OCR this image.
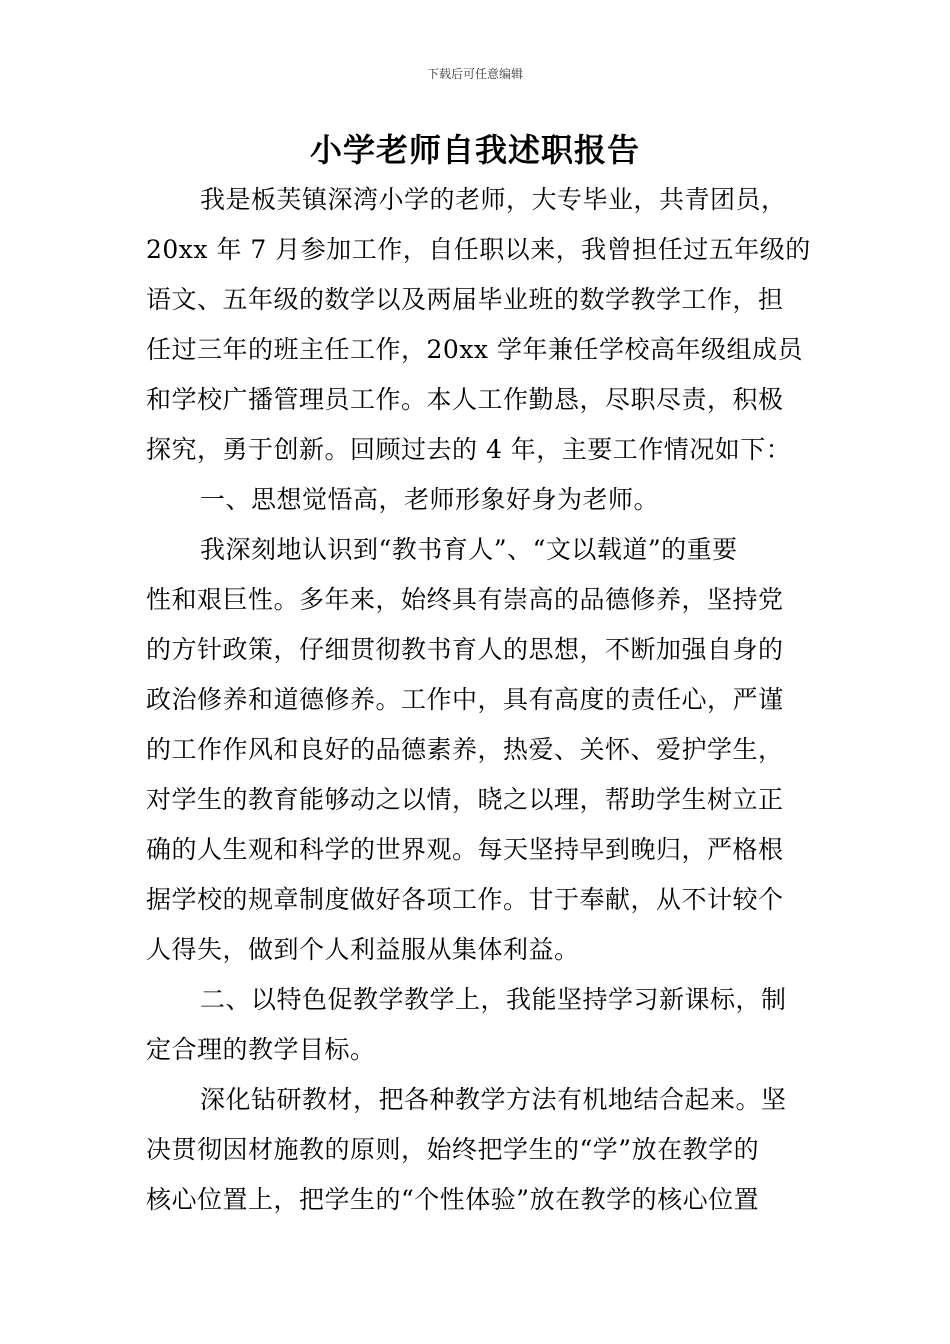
下载后可任意编辑
小学老师自我述职报告
我是板芙镇深湾小学的老师，大专毕业，共青团员，
20xx 年 7 月参加工作，自任职以来，我曾担任过五年级的
语文、五年级的数学以及两届毕业班的数学教学工作，担
任过三年的班主任工作，20xx 学年兼任学校高年级组成员
和学校广播管理员工作。本人工作勤恳，尽职尽责，积极
探究，勇于创新。回顾过去的 4 年，主要工作情况如下：
一、思想觉悟高，老师形象好身为老师。
我深刻地认识到“教书育人”、“文以载道”的重要
性和艰巨性。多年来，始终具有崇高的品德修养，坚持党
的方针政策，仔细贯彻教书育人的思想，不断加强自身的
政治修养和道德修养。工作中，具有高度的责任心，严谨
的工作作风和良好的品德素养，热爱、关怀、爱护学生，
对学生的教育能够动之以情，晓之以理，帮助学生树立正
确的人生观和科学的世界观。每天坚持早到晚归，严格根
据学校的规章制度做好各项工作。甘于奉献，从不计较个
人得失，做到个人利益服从集体利益。
二、以特色促教学教学上，我能坚持学习新课标，制
定合理的教学目标。
深化钻研教材，把各种教学方法有机地结合起来。坚
决贯彻因材施教的原则，始终把学生的“学”放在教学的
核心位置上，把学生的“个性体验”放在教学的核心位置
